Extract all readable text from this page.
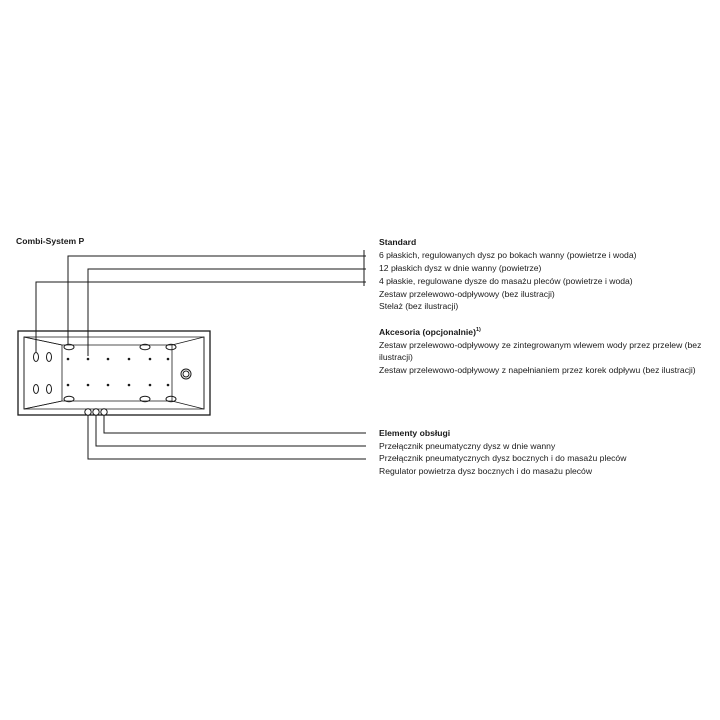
Combi-System P	Standard
6 płaskich, regulowanych dysz po bokach wanny (powietrze i woda)
12 płaskich dysz w dnie wanny (powietrze)
4 płaskie, regulowane dysze do masażu pleców (powietrze i woda)
Zestaw przelewowo-odpływowy (bez ilustracji)
Stelaż (bez ilustracji)
Akcesoria (opcjonalnie)$^{1)}$
Zestaw przelewowo-odpływowy ze zintegrowanym wlewem wody przez przelew (bez ilustracji)
Zestaw przelewowo-odpływowy z napełnianiem przez korek odpływu (bez ilustracji)
Elementy obsługi
Przełącznik pneumatyczny dysz w dnie wanny
Przełącznik pneumatycznych dysz bocznych i do masażu pleców
Regulator powietrza dysz bocznych i do masażu pleców
